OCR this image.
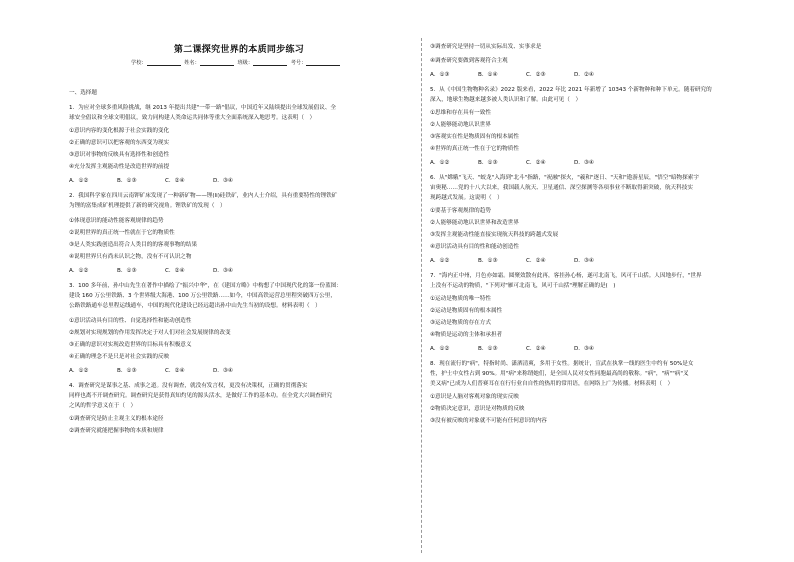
第二课探究世界的本质同步练习
学校：	姓名：	班级：	考号：
一、选择题
1．为应对全球多重风险挑战，继 2013 年提出共建"一带一路"倡议，中国近年又陆续提出全球发展倡议、全
球安全倡议和全球文明倡议，致力同构建人类命运共同体等重大全面系统深入地思考。这表明（　）
①意识内容的变化根源于社会实践的变化
②正确的意识可以把客观的东西变为现实
③意识对事物的反映具有选择性和创造性
④充分发挥主观能动性是改造世界的前提
A．①②	B．①③	C．②④	D．③④
2．我国科学家在四川云南钾矿床发现了一种新矿物——锂(li)硅铁矿，业内人士介绍，具有重要特性的锂铁矿
为锂的富集成矿机理提供了新的研究视角。锂铁矿的发现（　）
①体现意识的能动性能客观规律的趋势
②说明世界的真正统一性就在于它的物质性
③是人类实践创造出符合人类目的的客观事物的结果
④说明世界只有尚未认识之物，没有不可认识之物
A．①②	B．①③	C．②④	D．③④
3．100 多年前，孙中山先生在著作中描绘了"振兴中华"，在《建国方略》中构想了中国现代化的第一份蓝图：
建设 160 万公里铁路、3 个世界级大海港、100 万公里铁路……如今，中国高铁运营总里程突破四万公里，
公路铁路通车总里程运线通车，中国的现代化建设已经远超出孙中山先生当初的设想。材料表明（　）
①意识活动具有目的性、自觉选择性和能动创造性
②规划对实现规划的作用发挥决定于对人们对社会发展规律的改变
③正确的意识对实现改造世界的目标具有积极意义
④正确的理念不是只是对社会实践的反映
A．①②	B．①③	C．②④	D．③④
4．调查研究是谋事之基、成事之道。没有调查，就没有发言权，更没有决策权，正确的贯彻落实
同样也离不开调查研究。调查研究是获得真知灼见的源头活水，是做好工作的基本功。在全党大兴调查研究
之风的哲学意义在于（　）
①调查研究是防止主观主义的根本途径
②调查研究就能把握事物的本质和规律
③调查研究是坚持一切从实际出发、实事求是
④调查研究要做到客观符合主观
A．①③	B．①④	C．②③	D．②④
5．从《中国生物物种名录》2022 版来看，2022 年比 2021 年新增了 10343 个新物种和种下单元。随着研究的
深入，地球生物越来越多被人类认识和了解。由此可见（　）
①思维和存在具有一致性
②人能够能动地认识世界
③客观实在性是物质固有的根本属性
④世界的真正统一性在于它的物质性
A．①②	B．①③	C．②④	D．③④
6．从"嫦娥"飞天、"蛟龙"入海到"北斗"指路，"祝融"探火，"羲和"逐日、"天和"遨游星辰，"悟空"暗物探索宇
宙奥秘……党的十八大以来，我国载人航天、卫星通信、深空探测等各项事业不断取得新突破，航天科技实
现跨越式发展。这说明（　）
①要基于客观规律的趋势
②人能够能动地认识世界和改造世界
③发挥主观能动性能直接实现航天科技的跨越式发展
④意识活动具有目的性和能动创造性
A．①②	B．①③	C．②④	D．③④
7．"海内正中州，月色亦如霜。圆聚效散有此再，客挂孙心杨，遂可北南飞，风可千山括。人因地步行，"世界
上没有不运动的物质，"下列对"雁可北南飞，风可千山括"理解正确的是(　)
①运动是物质的唯一特性
②运动是物质固有的根本属性
③运动是物质的存在方式
④物质是运动的主体和承担者
A．①②	B．①③	C．②④	D．③④
8．现在流行的"病"，特指时尚、潇洒清爽，多用于女性。据统计，宣武在执掌一线的医生中约有 50%是女
性，护士中女性占到 90%。用"病"来称谓她们，是全国人民对女性同胞最高尚的敬称。"病"，"病""病"叉
美又病"已成为人们普赛耳在在行行业自自性的热用的常用语，在网络上广为传播。材料表明（　）
①意识是人脑对客观对象的现实反映
②物质决定意识，意识是对物质的反映
③没有被反映的对象就不可能有任何意识的内容
